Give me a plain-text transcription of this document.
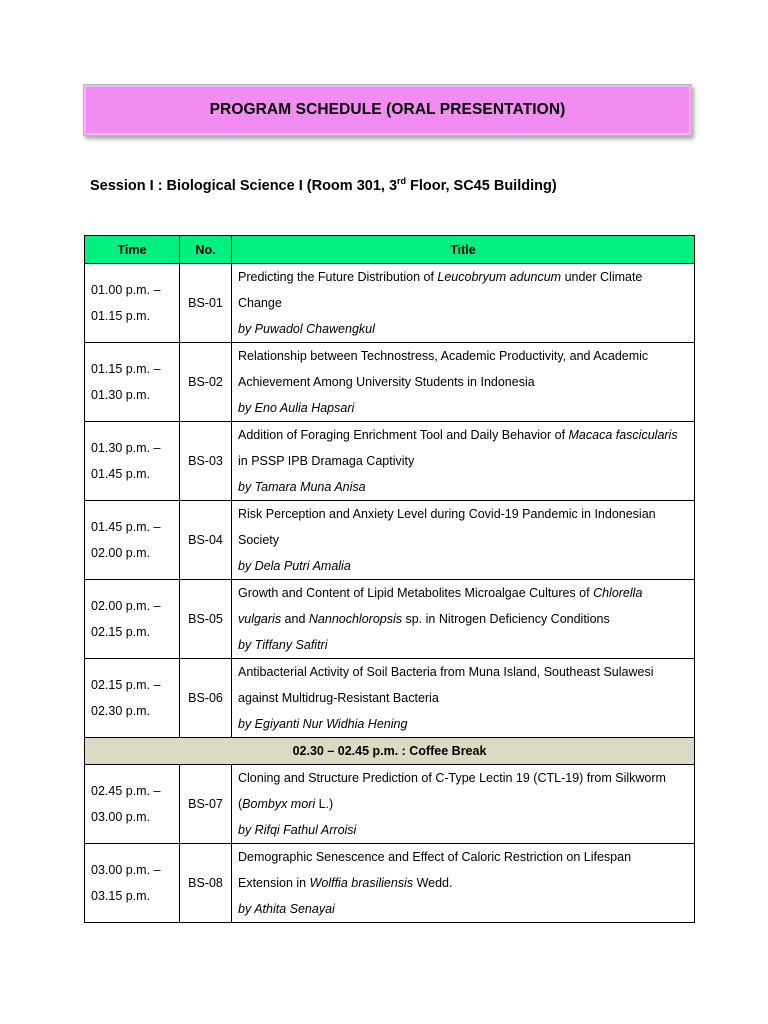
PROGRAM SCHEDULE (ORAL PRESENTATION)
Session I : Biological Science I (Room 301, 3rd Floor, SC45 Building)
Time	No.	Title
01.00 p.m. –
01.15 p.m.	BS-01	Predicting the Future Distribution of Leucobryum aduncum under Climate Change
by Puwadol Chawengkul

01.15 p.m. –
01.30 p.m.	BS-02	Relationship between Technostress, Academic Productivity, and Academic Achievement Among University Students in Indonesia
by Eno Aulia Hapsari

01.30 p.m. –
01.45 p.m.	BS-03	Addition of Foraging Enrichment Tool and Daily Behavior of Macaca fascicularis in PSSP IPB Dramaga Captivity
by Tamara Muna Anisa

01.45 p.m. –
02.00 p.m.	BS-04	Risk Perception and Anxiety Level during Covid-19 Pandemic in Indonesian Society
by Dela Putri Amalia

02.00 p.m. –
02.15 p.m.	BS-05	Growth and Content of Lipid Metabolites Microalgae Cultures of Chlorella vulgaris and Nannochloropsis sp. in Nitrogen Deficiency Conditions
by Tiffany Safitri

02.15 p.m. –
02.30 p.m.	BS-06	Antibacterial Activity of Soil Bacteria from Muna Island, Southeast Sulawesi against Multidrug-Resistant Bacteria
by Egiyanti Nur Widhia Hening

02.30 – 02.45 p.m. : Coffee Break		
02.45 p.m. –
03.00 p.m.	BS-07	Cloning and Structure Prediction of C-Type Lectin 19 (CTL-19) from Silkworm (Bombyx mori L.)
by Rifqi Fathul Arroisi

03.00 p.m. –
03.15 p.m.	BS-08	Demographic Senescence and Effect of Caloric Restriction on Lifespan Extension in Wolffia brasiliensis Wedd.
by Athita Senayai
